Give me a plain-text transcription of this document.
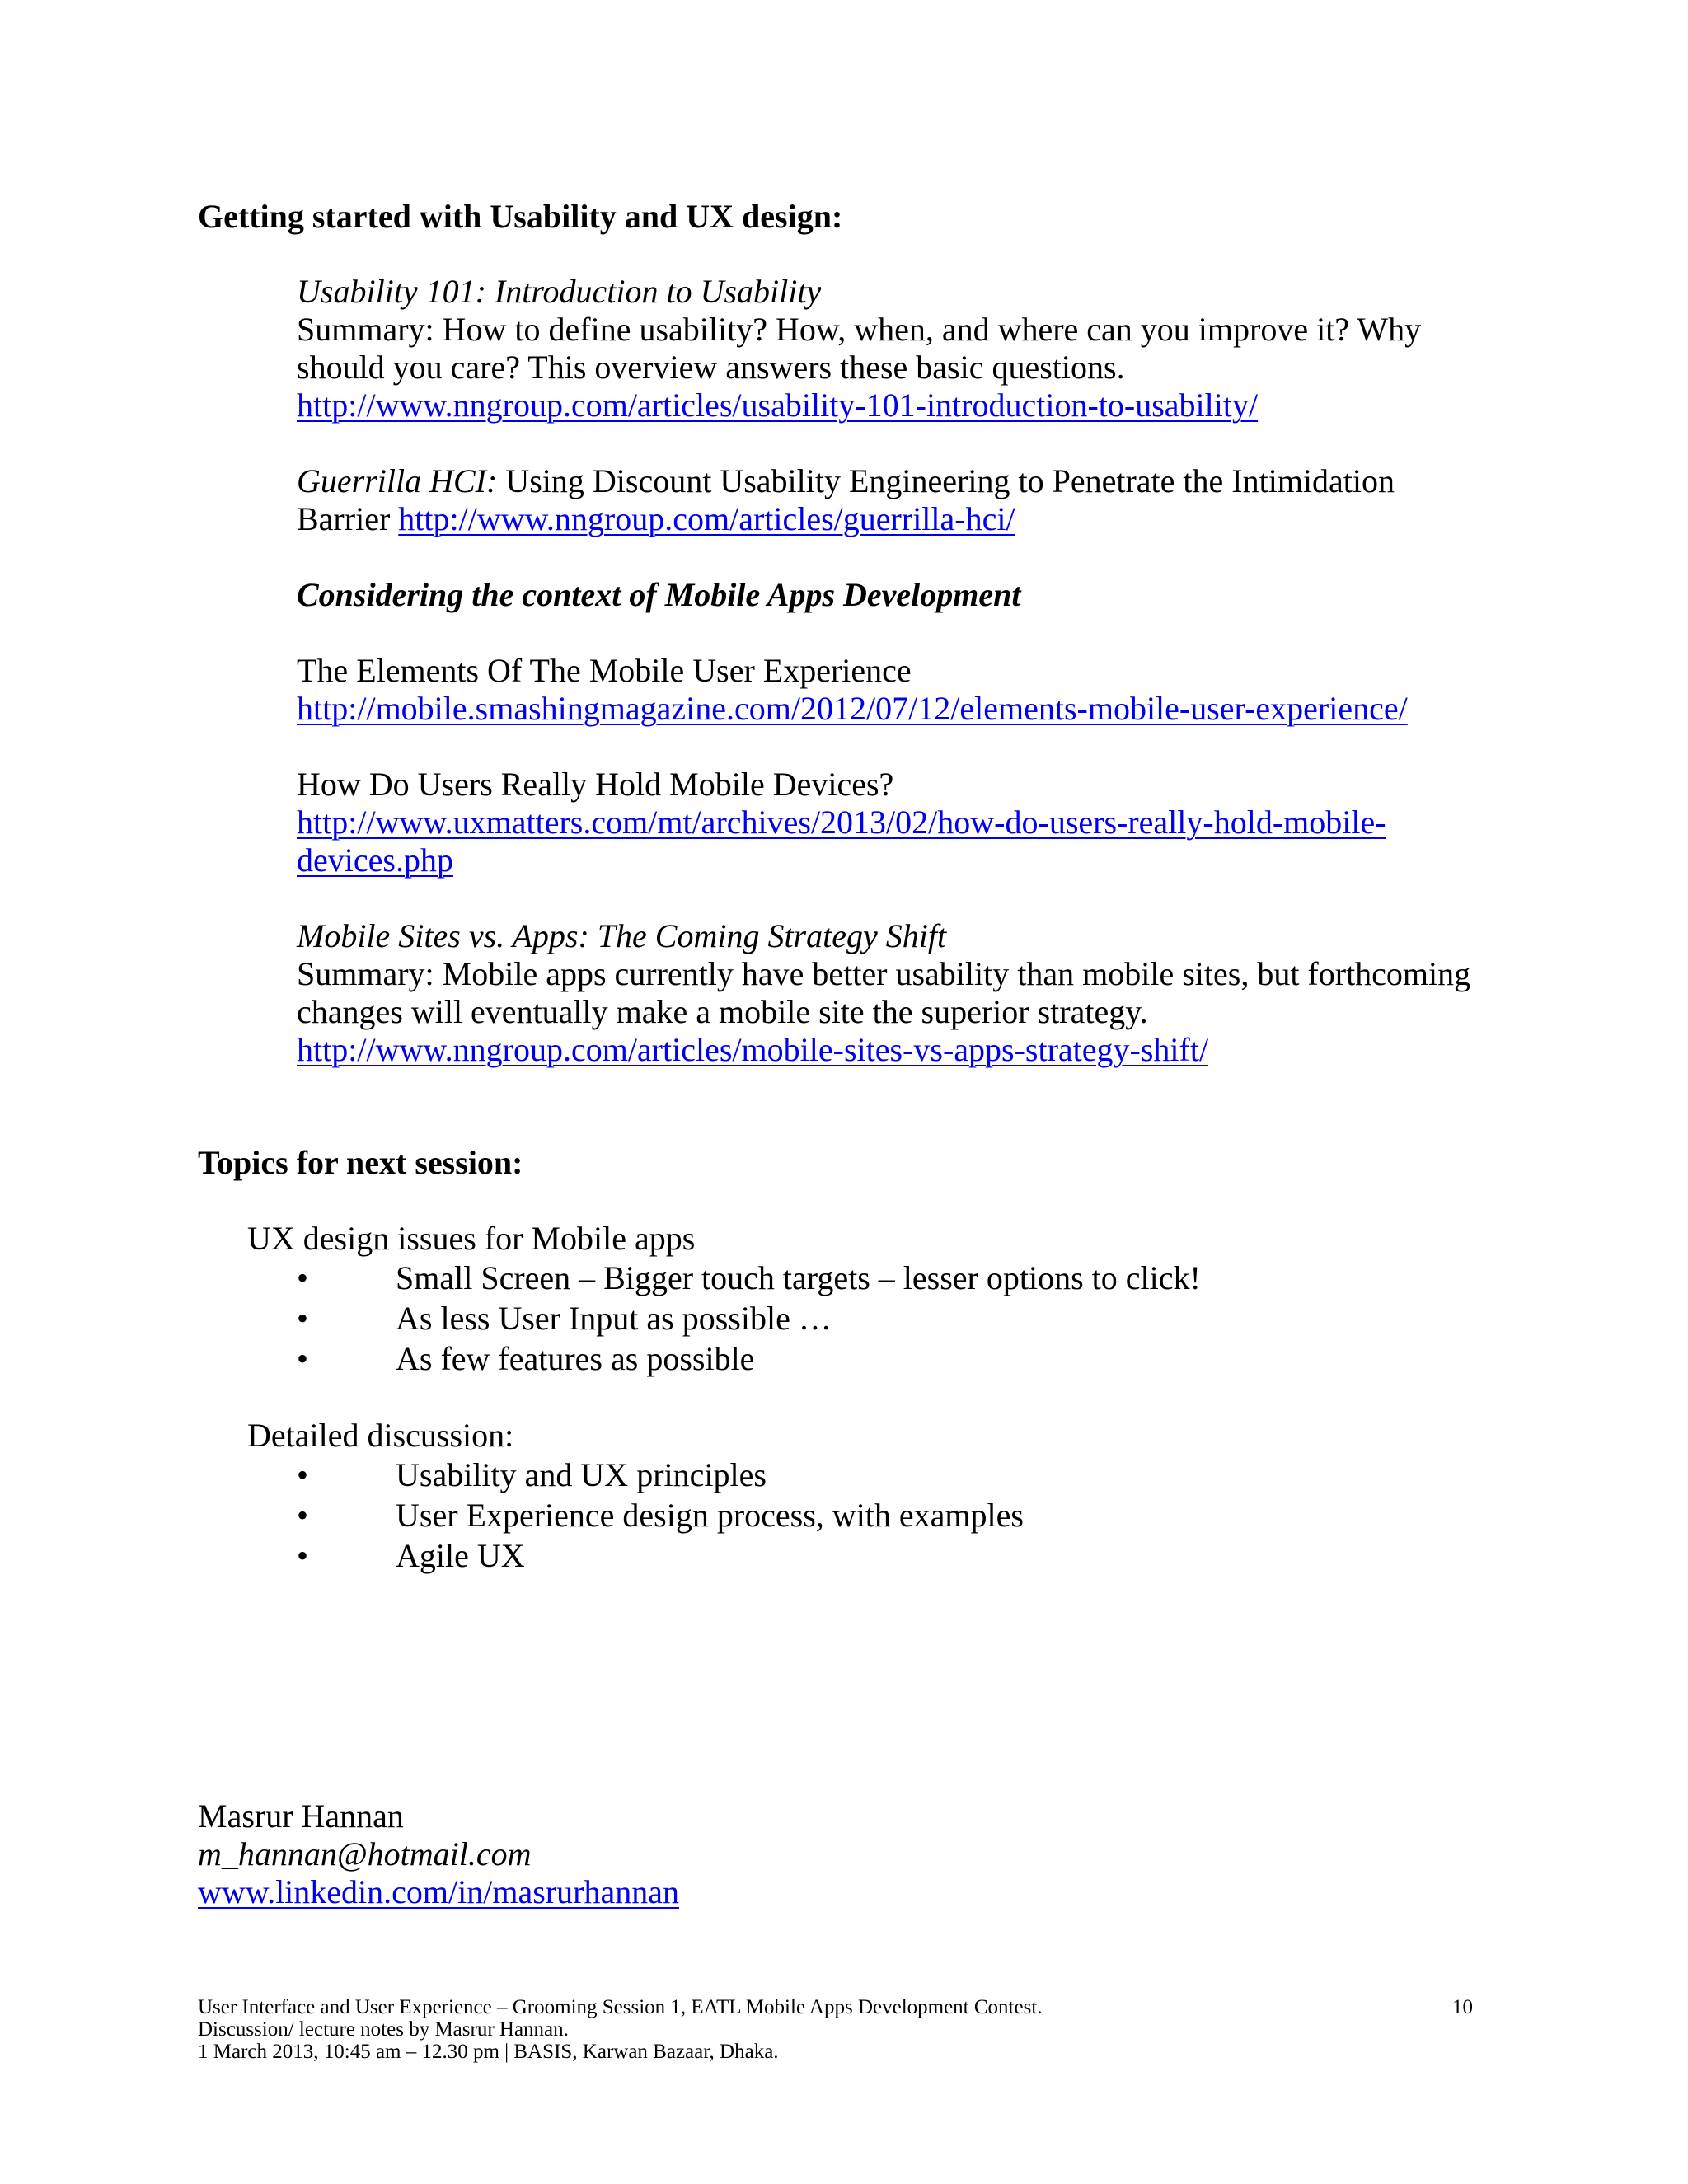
Getting started with Usability and UX design:
Usability 101: Introduction to Usability
Summary: How to define usability? How, when, and where can you improve it? Why
should you care? This overview answers these basic questions.
http://www.nngroup.com/articles/usability-101-introduction-to-usability/
Guerrilla HCI: Using Discount Usability Engineering to Penetrate the Intimidation
Barrier http://www.nngroup.com/articles/guerrilla-hci/
Considering the context of Mobile Apps Development
The Elements Of The Mobile User Experience
http://mobile.smashingmagazine.com/2012/07/12/elements-mobile-user-experience/
How Do Users Really Hold Mobile Devices?
http://www.uxmatters.com/mt/archives/2013/02/how-do-users-really-hold-mobile-
devices.php
Mobile Sites vs. Apps: The Coming Strategy Shift
Summary: Mobile apps currently have better usability than mobile sites, but forthcoming
changes will eventually make a mobile site the superior strategy.
http://www.nngroup.com/articles/mobile-sites-vs-apps-strategy-shift/
Topics for next session:
UX design issues for Mobile apps
• Small Screen – Bigger touch targets – lesser options to click!
• As less User Input as possible …
• As few features as possible
Detailed discussion:
• Usability and UX principles
• User Experience design process, with examples
• Agile UX
Masrur Hannan
m_hannan@hotmail.com
www.linkedin.com/in/masrurhannan
User Interface and User Experience – Grooming Session 1, EATL Mobile Apps Development Contest.
Discussion/ lecture notes by Masrur Hannan.
1 March 2013, 10:45 am – 12.30 pm | BASIS, Karwan Bazaar, Dhaka.
10
